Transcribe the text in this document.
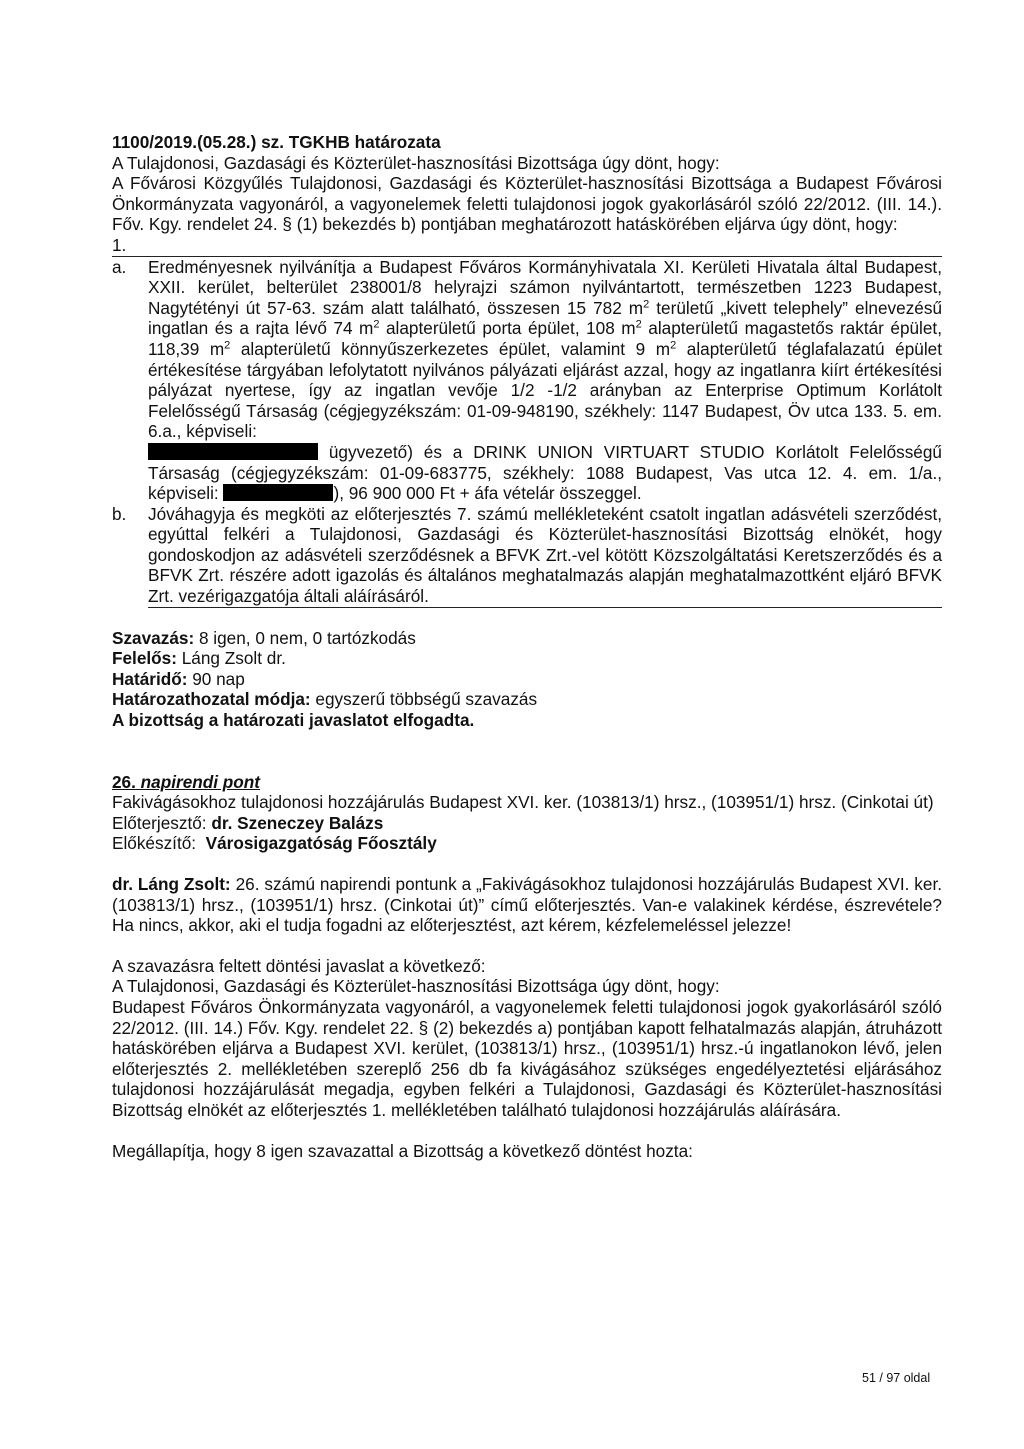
1100/2019.(05.28.) sz. TGKHB határozata

A Tulajdonosi, Gazdasági és Közterület-hasznosítási Bizottsága úgy dönt, hogy:

A Fővárosi Közgyűlés Tulajdonosi, Gazdasági és Közterület-hasznosítási Bizottsága a Budapest Fővárosi Önkormányzata vagyonáról, a vagyonelemek feletti tulajdonosi jogok gyakorlásáról szóló 22/2012. (III. 14.). Főv. Kgy. rendelet 24. § (1) bekezdés b) pontjában meghatározott hatáskörében eljárva úgy dönt, hogy:

1.

a. Eredményesnek nyilvánítja a Budapest Főváros Kormányhivatala XI. Kerületi Hivatala által Budapest, XXII. kerület, belterület 238001/8 helyrajzi számon nyilvántartott, természetben 1223 Budapest, Nagytétényi út 57-63. szám alatt található, összesen 15 782 $m^2$ területű „kivett telephely” elnevezésű ingatlan és a rajta lévő 74 $m^2$ alapterületű porta épület, 108 $m^2$ alapterületű magastetős raktár épület, 118,39 $m^2$ alapterületű könnyűszerkezetes épület, valamint 9 $m^2$ alapterületű téglafalazatú épület értékesítése tárgyában lefolytatott nyilvános pályázati eljárást azzal, hogy az ingatlanra kiírt értékesítési pályázat nyertese, így az ingatlan vevője 1/2 -1/2 arányban az Enterprise Optimum Korlátolt Felelősségű Társaság (cégjegyzékszám: 01-09-948190, székhely: 1147 Budapest, Öv utca 133. 5. em. 6.a., képviseli:
ügyvezető) és a DRINK UNION VIRTUART STUDIO Korlátolt Felelősségű Társaság (cégjegyzékszám: 01-09-683775, székhely: 1088 Budapest, Vas utca 12. 4. em. 1/a., képviseli:	), 96 900 000 Ft + áfa vételár összeggel.
b. Jóváhagyja és megköti az előterjesztés 7. számú mellékleteként csatolt ingatlan adásvételi szerződést, egyúttal felkéri a Tulajdonosi, Gazdasági és Közterület-hasznosítási Bizottság elnökét, hogy gondoskodjon az adásvételi szerződésnek a BFVK Zrt.-vel kötött Közszolgáltatási Keretszerződés és a BFVK Zrt. részére adott igazolás és általános meghatalmazás alapján meghatalmazottként eljáró BFVK Zrt. vezérigazgatója általi aláírásáról.

Szavazás: 8 igen, 0 nem, 0 tartózkodás

Felelős: Láng Zsolt dr.

Határidő: 90 nap

Határozathozatal módja: egyszerű többségű szavazás

A bizottság a határozati javaslatot elfogadta.

26. napirendi pont

Fakivágásokhoz tulajdonosi hozzájárulás Budapest XVI. ker. (103813/1) hrsz., (103951/1) hrsz. (Cinkotai út)

Előterjesztő: dr. Szeneczey Balázs

Előkészítő:  Városigazgatóság Főosztály

dr. Láng Zsolt: 26. számú napirendi pontunk a „Fakivágásokhoz tulajdonosi hozzájárulás Budapest XVI. ker. (103813/1) hrsz., (103951/1) hrsz. (Cinkotai út)” című előterjesztés. Van-e valakinek kérdése, észrevétele? Ha nincs, akkor, aki el tudja fogadni az előterjesztést, azt kérem, kézfelemeléssel jelezze!

A szavazásra feltett döntési javaslat a következő:

A Tulajdonosi, Gazdasági és Közterület-hasznosítási Bizottsága úgy dönt, hogy:

Budapest Főváros Önkormányzata vagyonáról, a vagyonelemek feletti tulajdonosi jogok gyakorlásáról szóló 22/2012. (III. 14.) Főv. Kgy. rendelet 22. § (2) bekezdés a) pontjában kapott felhatalmazás alapján, átruházott hatáskörében eljárva a Budapest XVI. kerület, (103813/1) hrsz., (103951/1) hrsz.-ú ingatlanokon lévő, jelen előterjesztés 2. mellékletében szereplő 256 db fa kivágásához szükséges engedélyeztetési eljárásához tulajdonosi hozzájárulását megadja, egyben felkéri a Tulajdonosi, Gazdasági és Közterület-hasznosítási Bizottság elnökét az előterjesztés 1. mellékletében található tulajdonosi hozzájárulás aláírására.

Megállapítja, hogy 8 igen szavazattal a Bizottság a következő döntést hozta:

51 / 97 oldal
